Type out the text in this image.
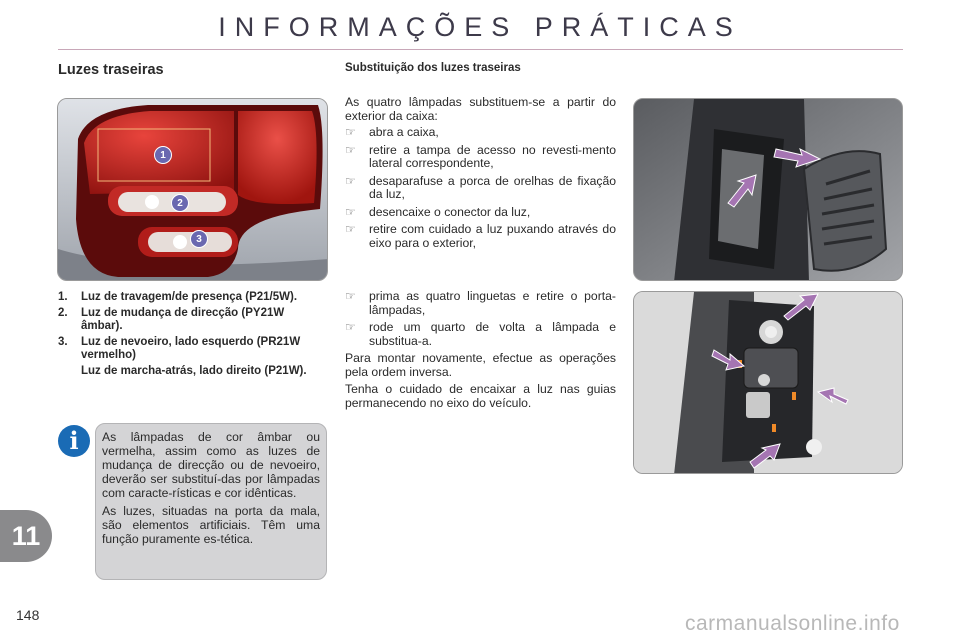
INFORMAÇÕES PRÁTICAS
Luzes traseiras	Substituição dos luzes traseiras
1
2
3
1.	Luz de travagem/de presença (P21/5W).
2.	Luz de mudança de direcção (PY21W âmbar).
3.	Luz de nevoeiro, lado esquerdo (PR21W vermelho)
Luz de marcha-atrás, lado direito (P21W).
i	As lâmpadas de cor âmbar ou vermelha, assim como as luzes de mudança de direcção ou de nevoeiro, deverão ser substituí-das por lâmpadas com caracte-rísticas e cor idênticas.

As luzes, situadas na porta da mala, são elementos artificiais. Têm uma função puramente es-tética.

As quatro lâmpadas substituem-se a partir do exterior da caixa:
☞ abra a caixa,
☞ retire a tampa de acesso no revesti-mento lateral correspondente,
☞ desaparafuse a porca de orelhas de fixação da luz,
☞ desencaixe o conector da luz,
☞ retire com cuidado a luz puxando através do eixo para o exterior,
☞ prima as quatro linguetas e retire o porta-lâmpadas,
☞ rode um quarto de volta a lâmpada e substitua-a.

Para montar novamente, efectue as operações pela ordem inversa.

Tenha o cuidado de encaixar a luz nas guias permanecendo no eixo do veículo.

11
148	carmanualsonline.info
